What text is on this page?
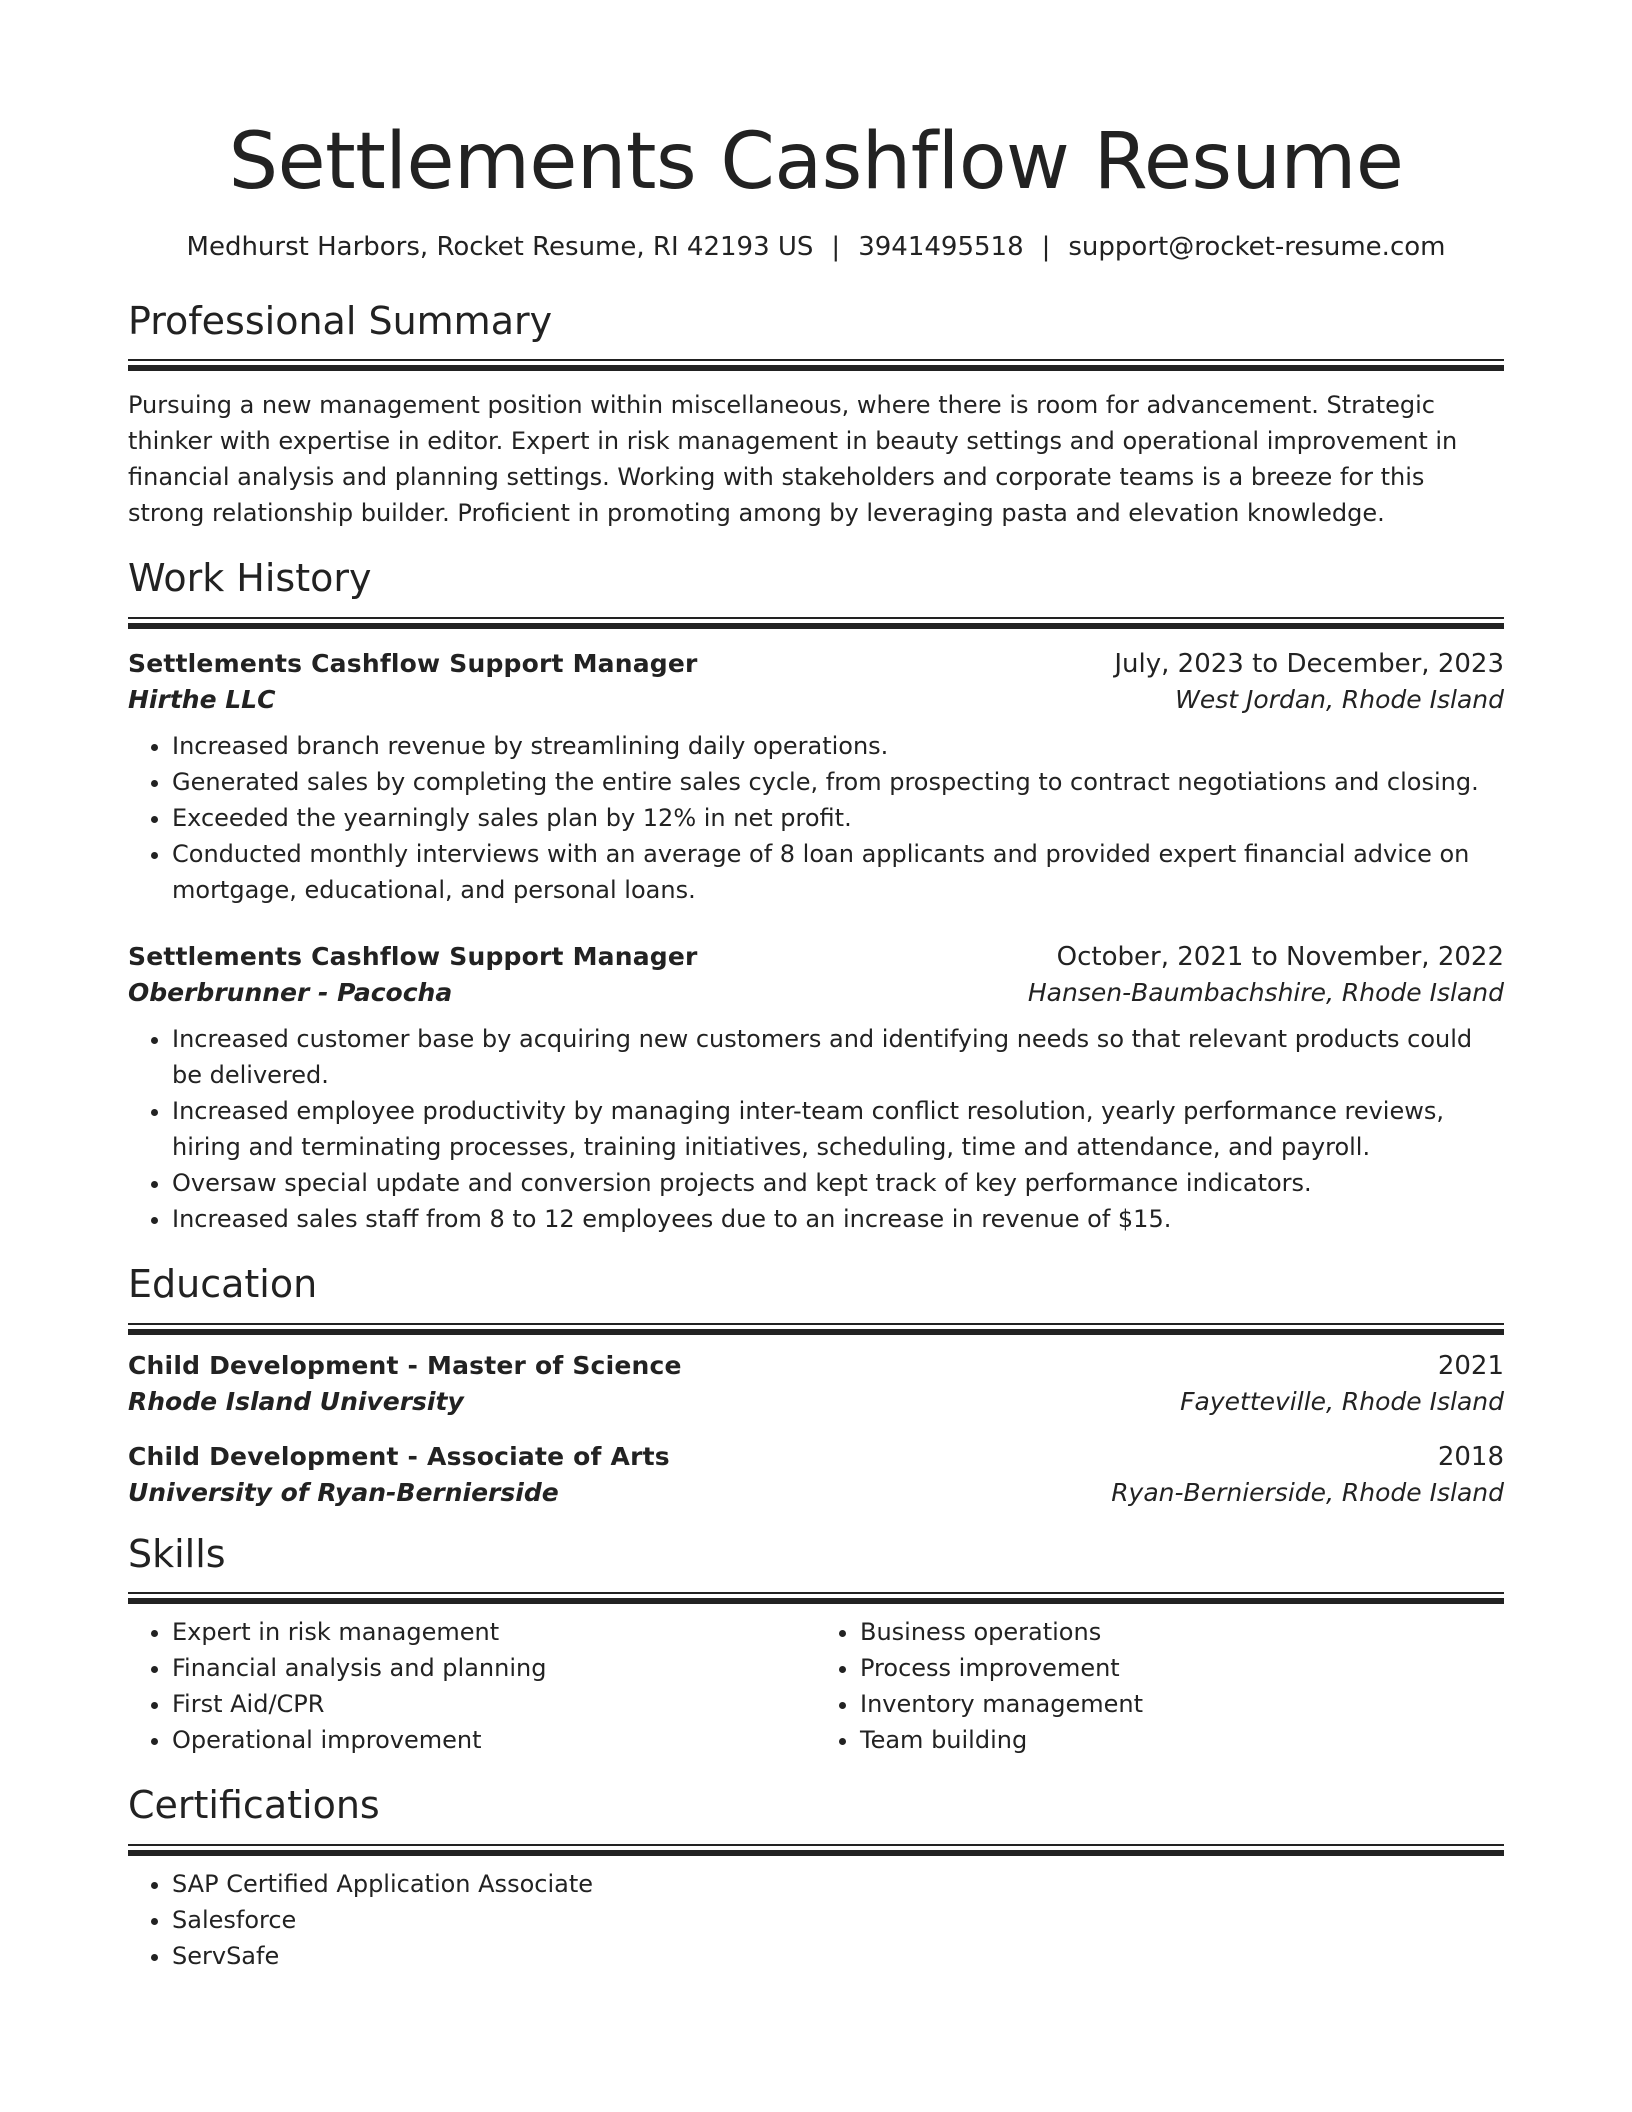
Settlements Cashflow Resume
Medhurst Harbors, Rocket Resume, RI 42193 US | 3941495518 | support@rocket-resume.com
Professional Summary

Pursuing a new management position within miscellaneous, where there is room for advancement. Strategic thinker with expertise in editor. Expert in risk management in beauty settings and operational improvement in financial analysis and planning settings. Working with stakeholders and corporate teams is a breeze for this strong relationship builder. Proficient in promoting among by leveraging pasta and elevation knowledge.

Work History
Settlements Cashflow Support Manager	July, 2023 to December, 2023
Hirthe LLC	West Jordan, Rhode Island
• Increased branch revenue by streamlining daily operations.
• Generated sales by completing the entire sales cycle, from prospecting to contract negotiations and closing.
• Exceeded the yearningly sales plan by 12% in net profit.
• Conducted monthly interviews with an average of 8 loan applicants and provided expert financial advice on mortgage, educational, and personal loans.
Settlements Cashflow Support Manager	October, 2021 to November, 2022
Oberbrunner - Pacocha	Hansen-Baumbachshire, Rhode Island
• Increased customer base by acquiring new customers and identifying needs so that relevant products could be delivered.
• Increased employee productivity by managing inter-team conflict resolution, yearly performance reviews, hiring and terminating processes, training initiatives, scheduling, time and attendance, and payroll.
• Oversaw special update and conversion projects and kept track of key performance indicators.
• Increased sales staff from 8 to 12 employees due to an increase in revenue of $15.
Education
Child Development - Master of Science	2021
Rhode Island University	Fayetteville, Rhode Island
Child Development - Associate of Arts	2018
University of Ryan-Bernierside	Ryan-Bernierside, Rhode Island
Skills
• Expert in risk management
• Financial analysis and planning
• First Aid/CPR
• Operational improvement
• Business operations
• Process improvement
• Inventory management
• Team building
Certifications
• SAP Certified Application Associate
• Salesforce
• ServSafe
